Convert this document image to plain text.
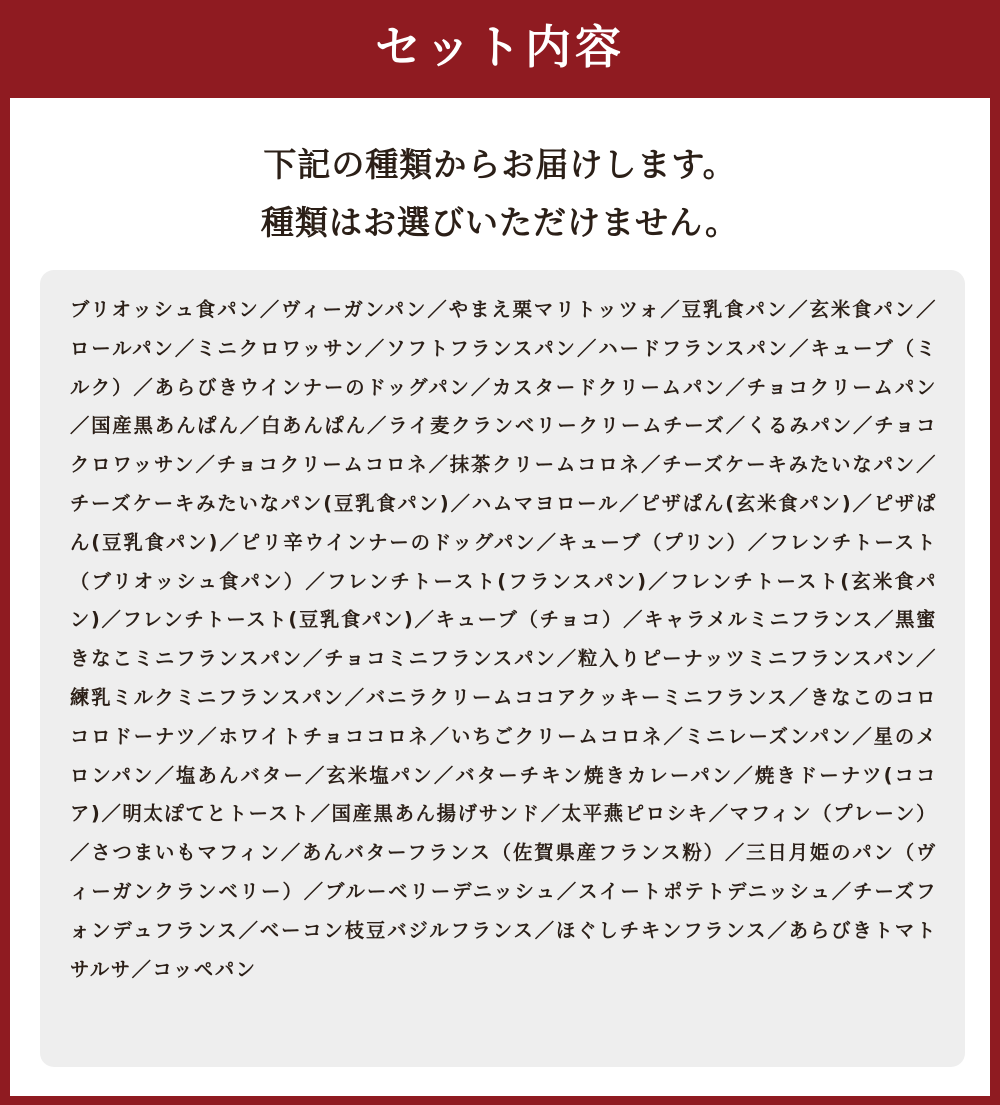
セット内容
下記の種類からお届けします。
種類はお選びいただけません。
ブリオッシュ食パン／ヴィーガンパン／やまえ栗マリトッツォ／豆乳食パン／玄米食パン／ロールパン／ミニクロワッサン／ソフトフランスパン／ハードフランスパン／キューブ（ミルク）／あらびきウインナーのドッグパン／カスタードクリームパン／チョコクリームパン／国産黒あんぱん／白あんぱん／ライ麦クランベリークリームチーズ／くるみパン／チョコクロワッサン／チョコクリームコロネ／抹茶クリームコロネ／チーズケーキみたいなパン／チーズケーキみたいなパン(豆乳食パン)／ハムマヨロール／ピザぱん(玄米食パン)／ピザぱん(豆乳食パン)／ピリ辛ウインナーのドッグパン／キューブ（プリン）／フレンチトースト（ブリオッシュ食パン）／フレンチトースト(フランスパン)／フレンチトースト(玄米食パン)／フレンチトースト(豆乳食パン)／キューブ（チョコ）／キャラメルミニフランス／黒蜜きなこミニフランスパン／チョコミニフランスパン／粒入りピーナッツミニフランスパン／練乳ミルクミニフランスパン／バニラクリームココアクッキーミニフランス／きなこのコロコロドーナツ／ホワイトチョココロネ／いちごクリームコロネ／ミニレーズンパン／星のメロンパン／塩あんバター／玄米塩パン／バターチキン焼きカレーパン／焼きドーナツ(ココア)／明太ぽてとトースト／国産黒あん揚げサンド／太平燕ピロシキ／マフィン（プレーン）／さつまいもマフィン／あんバターフランス（佐賀県産フランス粉）／三日月姫のパン（ヴィーガンクランベリー）／ブルーベリーデニッシュ／スイートポテトデニッシュ／チーズフォンデュフランス／ベーコン枝豆バジルフランス／ほぐしチキンフランス／あらびきトマトサルサ／コッペパン
